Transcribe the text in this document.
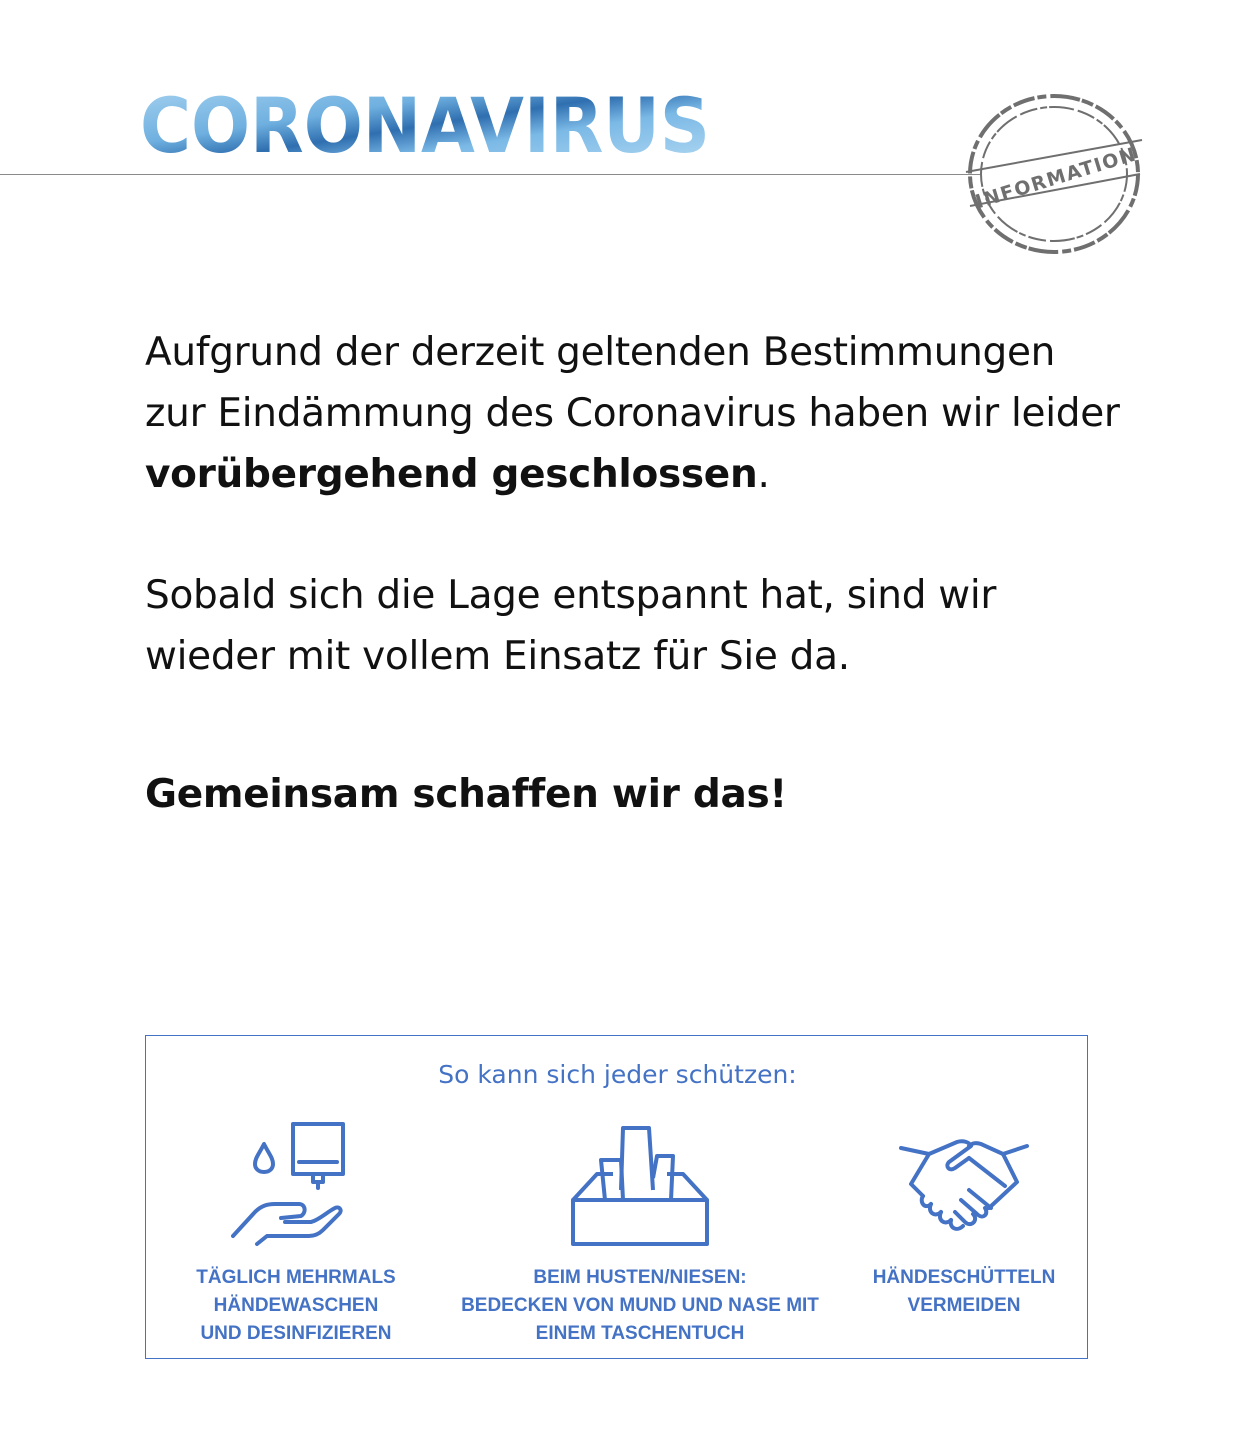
CORONAVIRUS
INFORMATION

Aufgrund der derzeit geltenden Bestimmungen zur Eindämmung des Coronavirus haben wir leider vorübergehend geschlossen.

Sobald sich die Lage entspannt hat, sind wir wieder mit vollem Einsatz für Sie da.

Gemeinsam schaffen wir das!

So kann sich jeder schützen:
TÄGLICH MEHRMALS
HÄNDEWASCHEN
UND DESINFIZIEREN
BEIM HUSTEN/NIESEN:
BEDECKEN VON MUND UND NASE MIT
EINEM TASCHENTUCH
HÄNDESCHÜTTELN
VERMEIDEN
